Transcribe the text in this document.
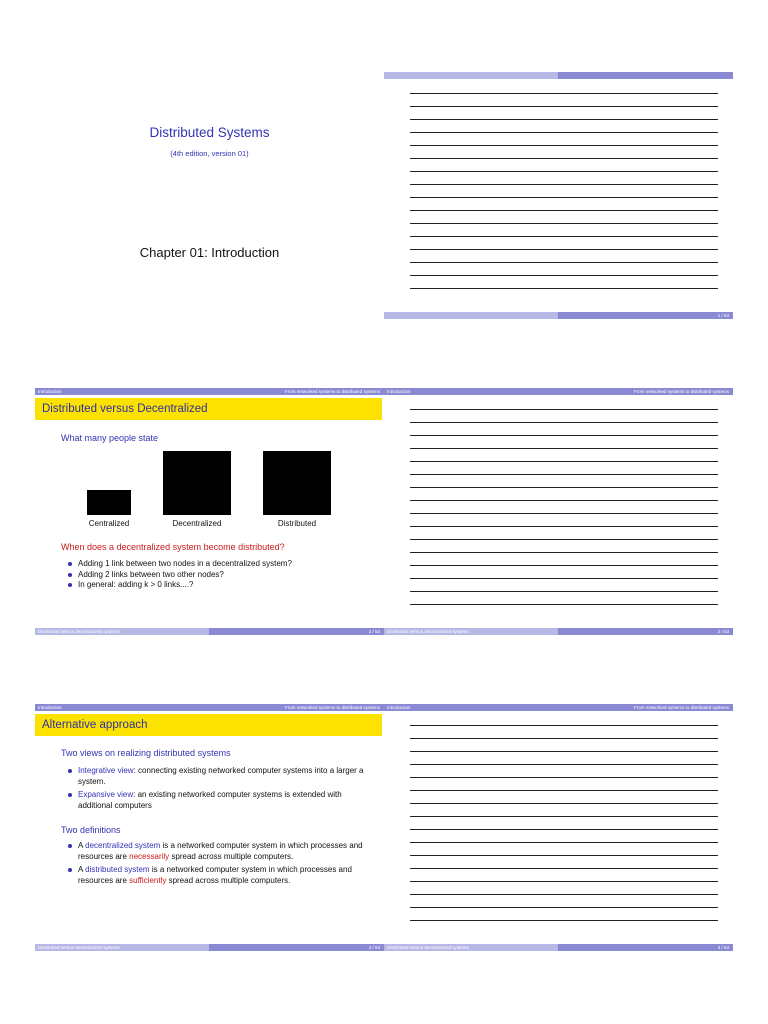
Distributed Systems
(4th edition, version 01)
Chapter 01: Introduction
1 / 53
Introduction	From networked systems to distributed systems
Distributed versus Decentralized
What many people state
Centralized	Decentralized	Distributed
When does a decentralized system become distributed?
Adding 1 link between two nodes in a decentralized system?
Adding 2 links between two other nodes?
In general: adding k > 0 links....?
Distributed versus decentralized systems	2 / 53
Introduction	From networked systems to distributed systems
Distributed versus decentralized systems	2 / 53
Introduction	From networked systems to distributed systems
Alternative approach
Two views on realizing distributed systems
Integrative view: connecting existing networked computer systems into a larger a system.
Expansive view: an existing networked computer systems is extended with additional computers
Two definitions
A decentralized system is a networked computer system in which processes and resources are necessarily spread across multiple computers.
A distributed system is a networked computer system in which processes and resources are sufficiently spread across multiple computers.
Distributed versus decentralized systems	3 / 53
Introduction	From networked systems to distributed systems
Distributed versus decentralized systems	3 / 53
